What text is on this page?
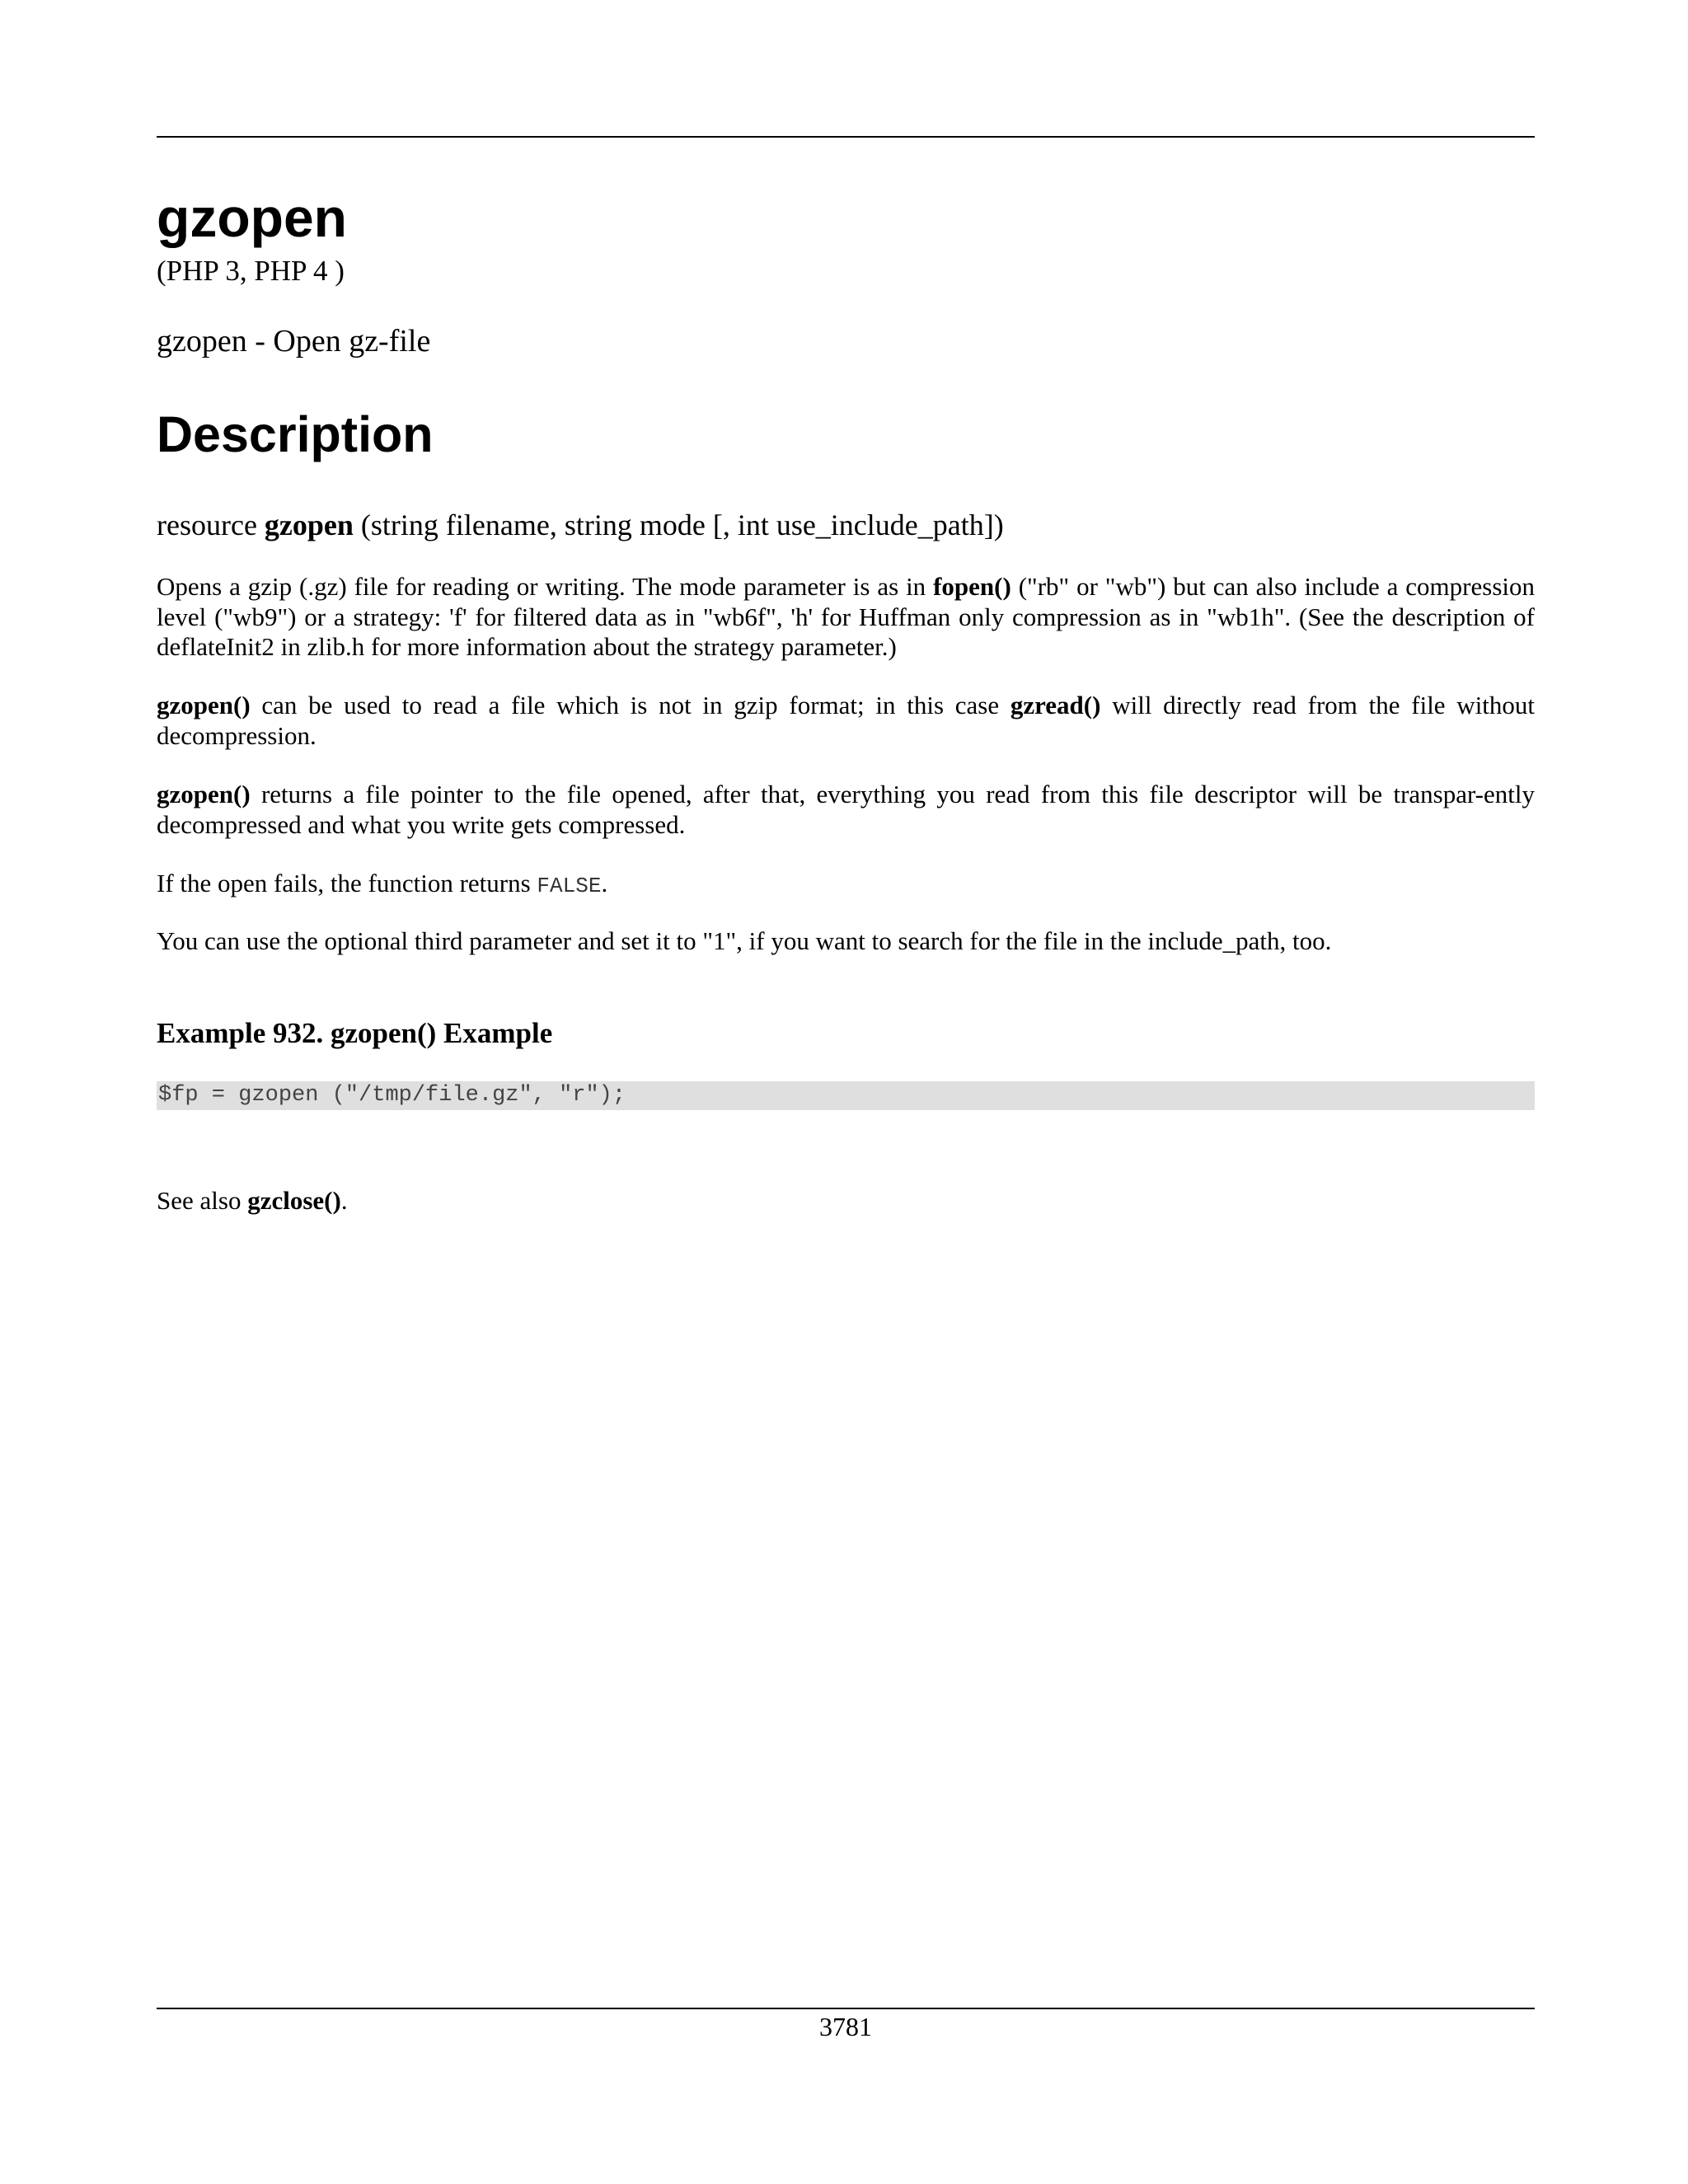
gzopen

(PHP 3, PHP 4 )

gzopen - Open gz-file

Description

resource gzopen (string filename, string mode [, int use_include_path])

Opens a gzip (.gz) file for reading or writing. The mode parameter is as in fopen() ("rb" or "wb") but can also include a compression level ("wb9") or a strategy: 'f' for filtered data as in "wb6f", 'h' for Huffman only compression as in "wb1h". (See the description of deflateInit2 in zlib.h for more information about the strategy parameter.)

gzopen() can be used to read a file which is not in gzip format; in this case gzread() will directly read from the file without decompression.

gzopen() returns a file pointer to the file opened, after that, everything you read from this file descriptor will be transpar-ently decompressed and what you write gets compressed.

If the open fails, the function returns FALSE.

You can use the optional third parameter and set it to "1", if you want to search for the file in the include_path, too.

Example 932. gzopen() Example

$fp = gzopen ("/tmp/file.gz", "r");

See also gzclose().

3781
